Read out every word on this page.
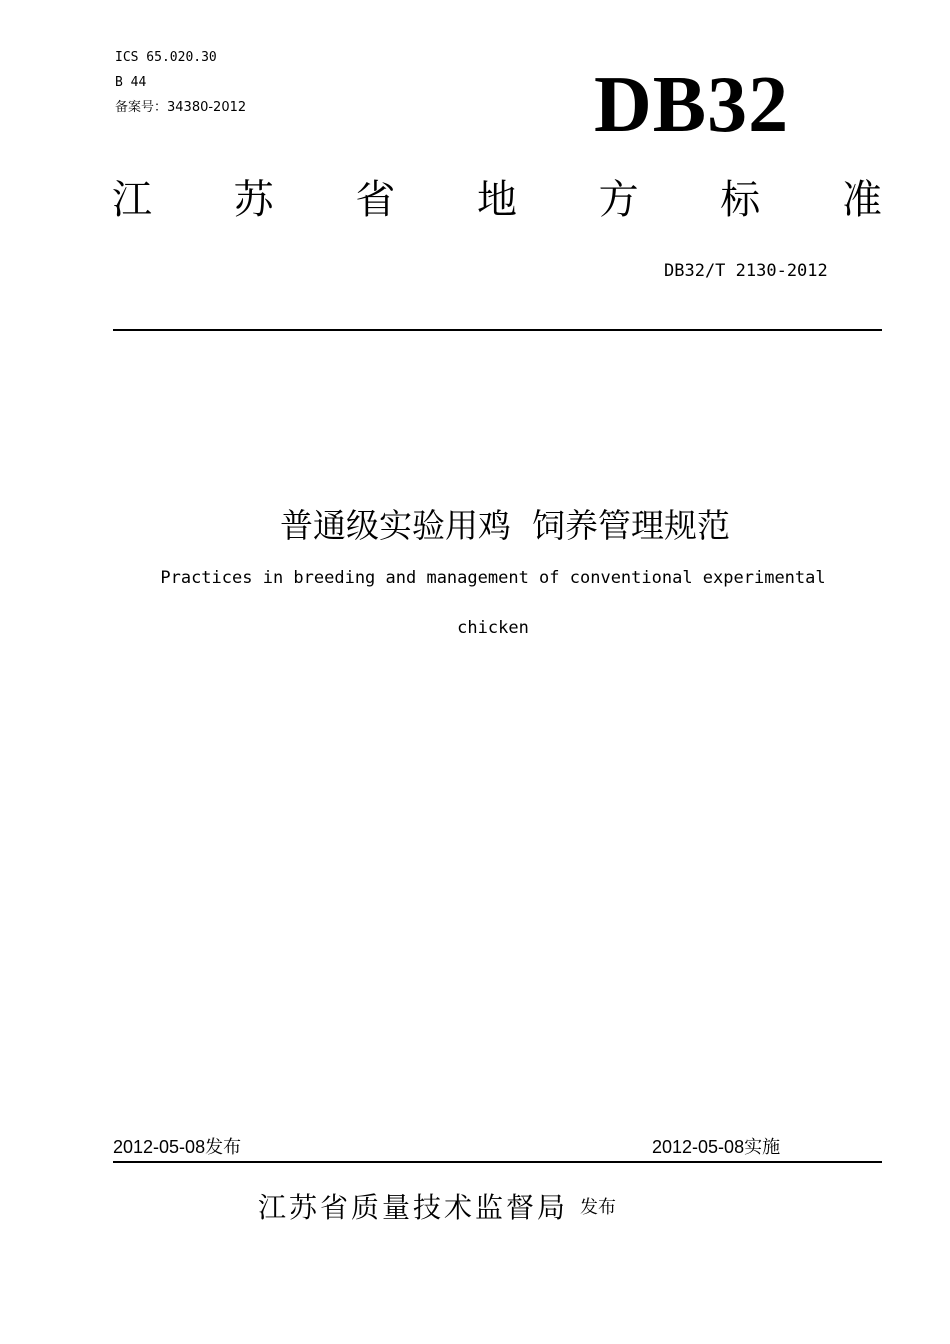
ICS 65.020.30
B 44
备案号：34380-2012	DB32
江 苏 省 地 方 标 准
DB32/T 2130-2012
普通级实验用鸡  饲养管理规范
Practices in breeding and management of conventional experimental
chicken
2012-05-08发布	2012-05-08实施
江苏省质量技术监督局 发布
